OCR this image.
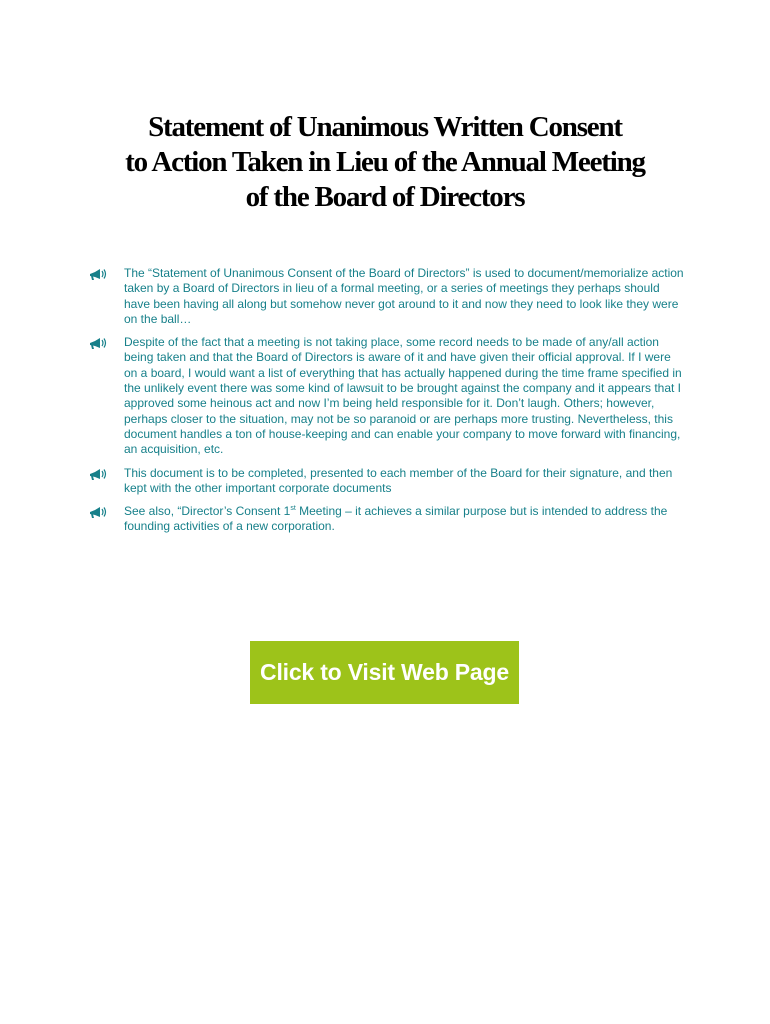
Statement of Unanimous Written Consent
to Action Taken in Lieu of the Annual Meeting
of the Board of Directors
The “Statement of Unanimous Consent of the Board of Directors” is used to document/memorialize action taken by a Board of Directors in lieu of a formal meeting, or a series of meetings they perhaps should have been having all along but somehow never got around to it and now they need to look like they were on the ball…
Despite of the fact that a meeting is not taking place, some record needs to be made of any/all action being taken and that the Board of Directors is aware of it and have given their official approval. If I were on a board, I would want a list of everything that has actually happened during the time frame specified in the unlikely event there was some kind of lawsuit to be brought against the company and it appears that I approved some heinous act and now I’m being held responsible for it. Don’t laugh. Others; however, perhaps closer to the situation, may not be so paranoid or are perhaps more trusting. Nevertheless, this document handles a ton of house-keeping and can enable your company to move forward with financing, an acquisition, etc.
This document is to be completed, presented to each member of the Board for their signature, and then kept with the other important corporate documents
See also, “Director’s Consent 1st Meeting – it achieves a similar purpose but is intended to address the founding activities of a new corporation.
Click to Visit Web Page
